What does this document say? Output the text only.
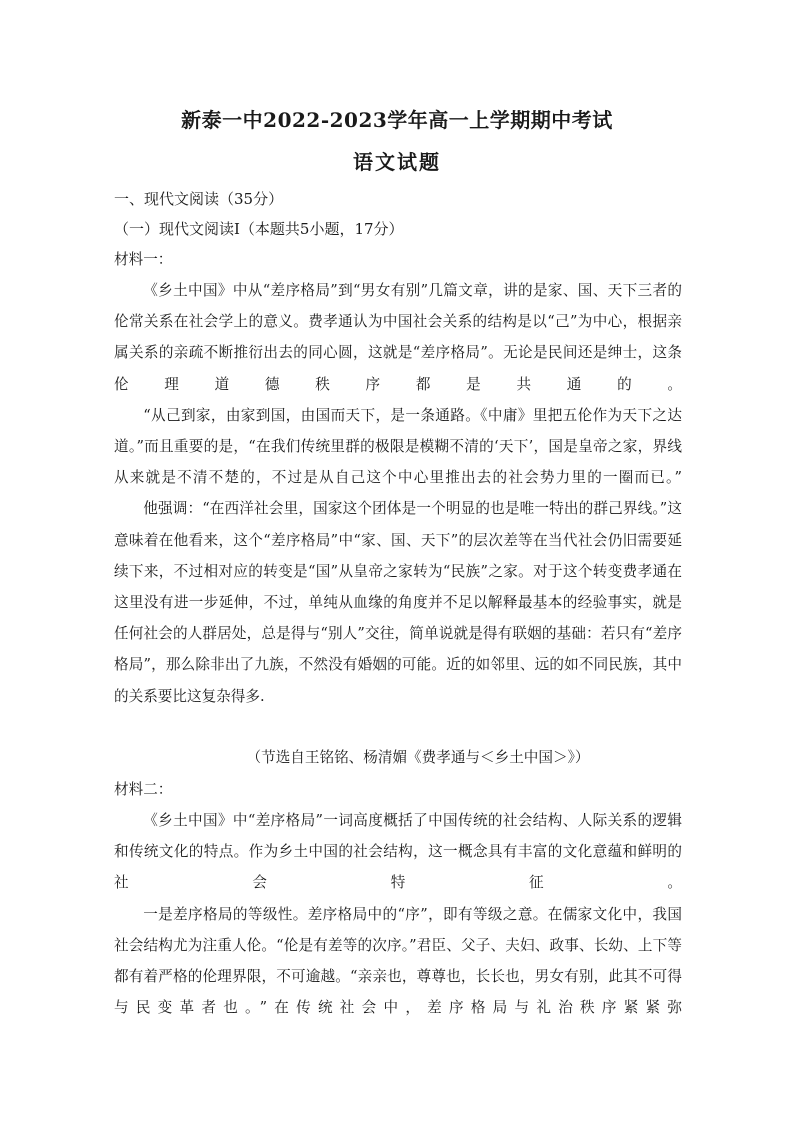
新泰一中2022-2023学年高一上学期期中考试
语文试题
一、现代文阅读（35分）
（一）现代文阅读Ⅰ（本题共5小题，17分）
材料一：

《乡土中国》中从“差序格局”到“男女有别”几篇文章，讲的是家、国、天下三者的伦常关系在社会学上的意义。费孝通认为中国社会关系的结构是以“己”为中心，根据亲属关系的亲疏不断推衍出去的同心圆，这就是“差序格局”。无论是民间还是绅士，这条伦理道德秩序都是共通的。

“从己到家，由家到国，由国而天下，是一条通路。《中庸》里把五伦作为天下之达道。”而且重要的是，“在我们传统里群的极限是模糊不清的‘天下’，国是皇帝之家，界线从来就是不清不楚的，不过是从自己这个中心里推出去的社会势力里的一圈而已。”

他强调：“在西洋社会里，国家这个团体是一个明显的也是唯一特出的群己界线。”这意味着在他看来，这个“差序格局”中“家、国、天下”的层次差等在当代社会仍旧需要延续下来，不过相对应的转变是“国”从皇帝之家转为“民族”之家。对于这个转变费孝通在这里没有进一步延伸，不过，单纯从血缘的角度并不足以解释最基本的经验事实，就是任何社会的人群居处，总是得与“别人”交往，简单说就是得有联姻的基础：若只有“差序格局”，那么除非出了九族，不然没有婚姻的可能。近的如邻里、远的如不同民族，其中的关系要比这复杂得多.

（节选自王铭铭、杨清媚《费孝通与＜乡土中国＞》）
材料二：

《乡土中国》中“差序格局”一词高度概括了中国传统的社会结构、人际关系的逻辑和传统文化的特点。作为乡土中国的社会结构，这一概念具有丰富的文化意蕴和鲜明的社会特征。

一是差序格局的等级性。差序格局中的“序”，即有等级之意。在儒家文化中，我国社会结构尤为注重人伦。“伦是有差等的次序。”君臣、父子、夫妇、政事、长幼、上下等都有着严格的伦理界限，不可逾越。“亲亲也，尊尊也，长长也，男女有别，此其不可得与民变革者也。”在传统社会中，差序格局与礼治秩序紧紧弥
